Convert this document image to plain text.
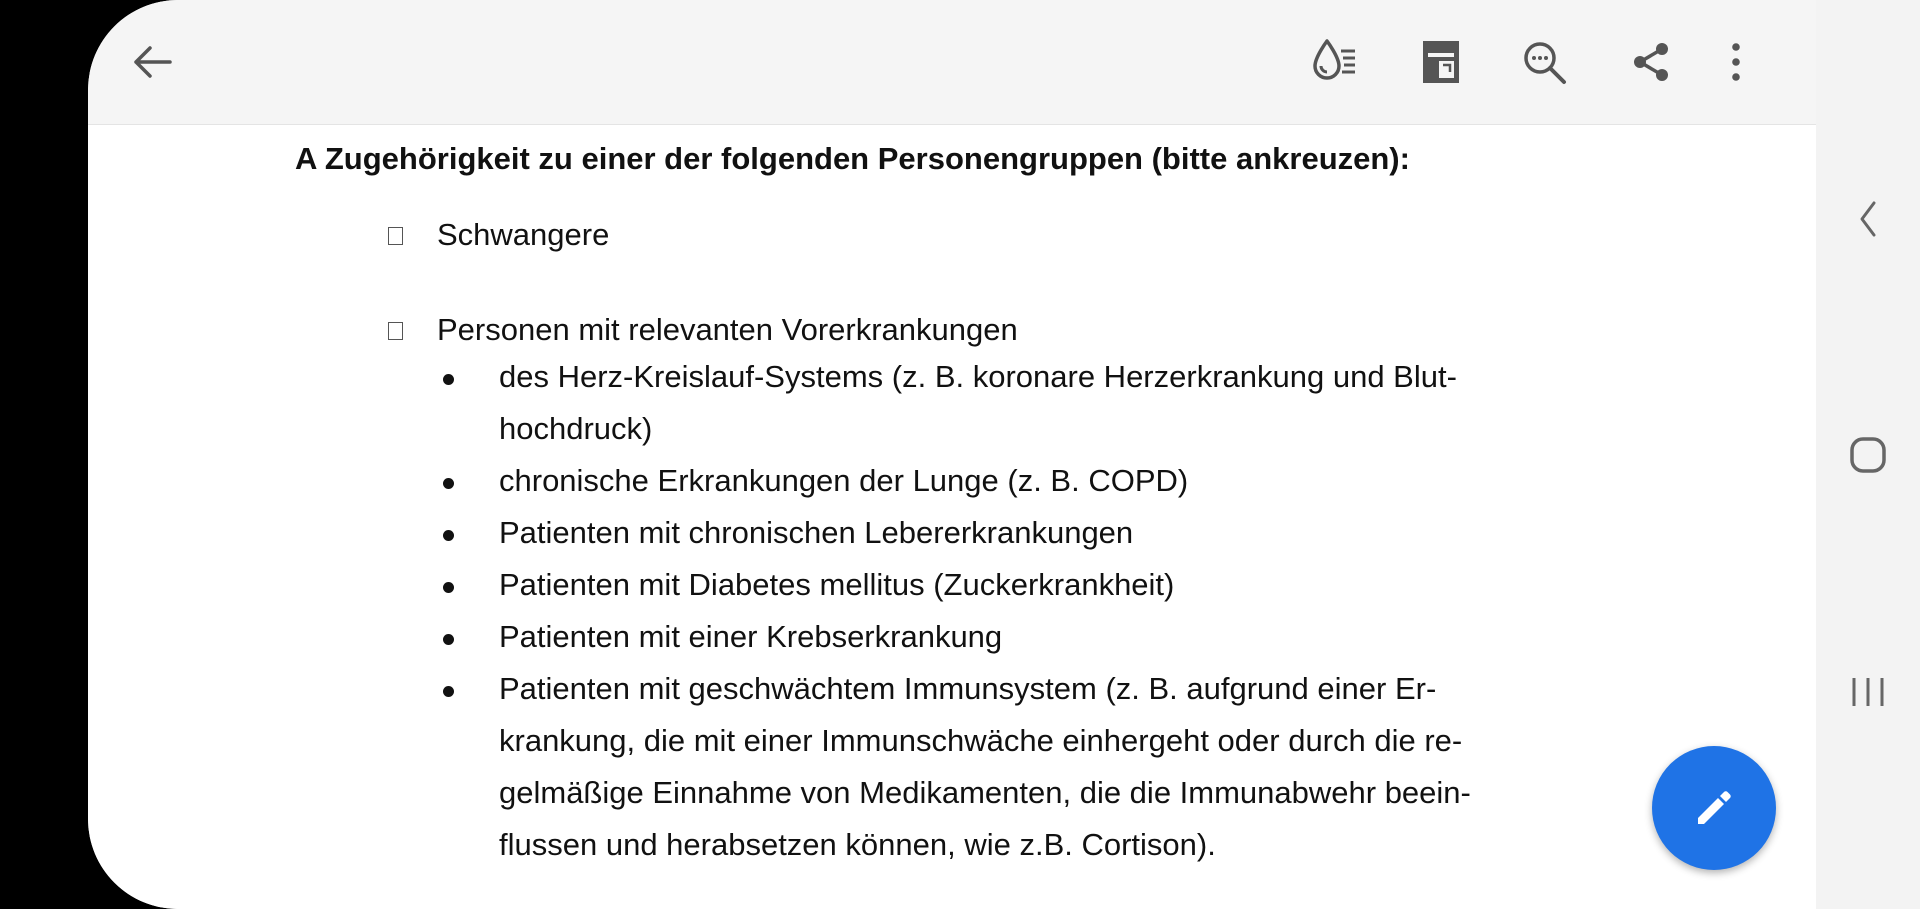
A Zugehörigkeit zu einer der folgenden Personengruppen (bitte ankreuzen):
Schwangere
Personen mit relevanten Vorerkrankungen
des Herz-Kreislauf-Systems (z. B. koronare Herzerkrankung und Blut-
hochdruck)
chronische Erkrankungen der Lunge (z. B. COPD)
Patienten mit chronischen Lebererkrankungen
Patienten mit Diabetes mellitus (Zuckerkrankheit)
Patienten mit einer Krebserkrankung
Patienten mit geschwächtem Immunsystem (z. B. aufgrund einer Er-
krankung, die mit einer Immunschwäche einhergeht oder durch die re-
gelmäßige Einnahme von Medikamenten, die die Immunabwehr beein-
flussen und herabsetzen können, wie z.B. Cortison).
